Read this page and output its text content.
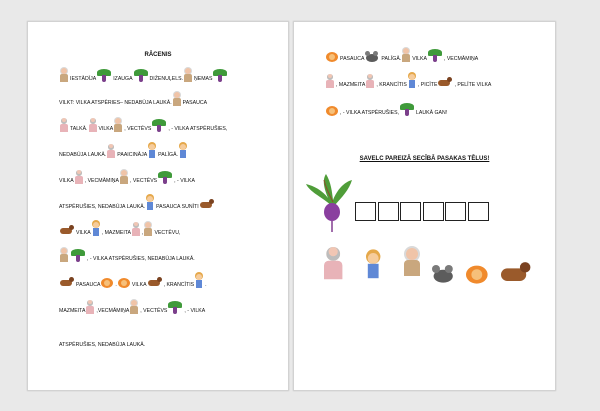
RĀCENIS
IESTĀDĪJA	IZAUGA	DIŽENUĻELS. ŅEMAS
VILKT: VILKA ATSPĒRIES– NEDABŪJA LAUKĀ. PASAUCA
TALKĀ. VILKA , VECTĒVS	, - VILKA ATSPĒRUŠIES,
NEDABŪJA LAUKĀ. PAAICINĀJA PALĪGĀ.
VILKA , VECMĀMIŅA , VECTĒVS	, - VILKA
ATSPĒRUŠIES, NEDABŪJA LAUKĀ. PASAUCA SUNĪTI
VILKA , MAZMEITA , VECTĒVU,
, - VILKA ATSPĒRUŠIES, NEDABŪJA LAUKĀ.
PASAUCA	.	VILKA	, KRANCĪTIS .
MAZMEITA ,VECMĀMIŅA , VECTĒVS	, - VILKA
ATSPĒRUŠIES, NEDABŪJA LAUKĀ.
PASAUCA	PALĪGĀ. VILKA	, VECMĀMIŅA
, MAZMEITA , KRANCĪTIS , PICĪTE	, PELĪTE VILKA
, - VILKA ATSPĒRUŠIES,	LAUKĀ GAN!
SAVELC PAREIZĀ SECĪBĀ PASAKAS TĒLUS!
